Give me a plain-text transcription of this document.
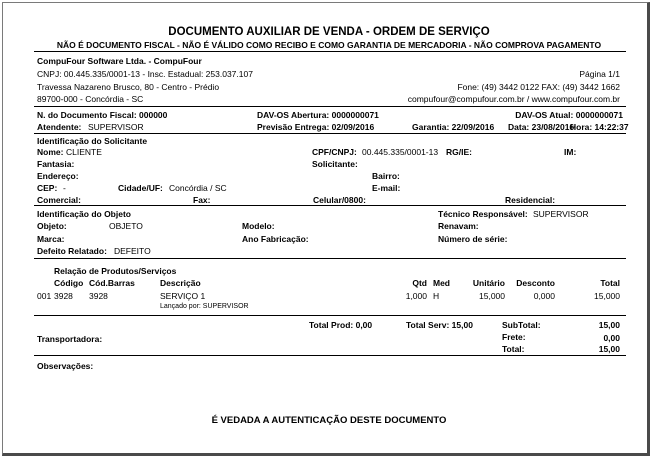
DOCUMENTO AUXILIAR DE VENDA - ORDEM DE SERVIÇO
NÃO É DOCUMENTO FISCAL - NÃO É VÁLIDO COMO RECIBO E COMO GARANTIA DE MERCADORIA - NÃO COMPROVA PAGAMENTO
CompuFour Software Ltda. - CompuFour
CNPJ: 00.445.335/0001-13 - Insc. Estadual: 253.037.107	Página 1/1
Travessa Nazareno Brusco, 80 - Centro - Prédio	Fone: (49) 3442 0122 FAX: (49) 3442 1662
89700-000 - Concórdia - SC	compufour@compufour.com.br / www.compufour.com.br
N. do Documento Fiscal: 000000	DAV-OS Abertura: 0000000071	DAV-OS Atual: 0000000071
Atendente: SUPERVISOR	Previsão Entrega: 02/09/2016	Garantia: 22/09/2016 Data: 23/08/2016
Hora: 14:22:37
Identificação do Solicitante
Nome: CLIENTE	CPF/CNPJ: 00.445.335/0001-13 RG/IE:	IM:
Fantasia:	Solicitante:
Endereço:	Bairro:
CEP: -	Cidade/UF: Concórdia / SC	E-mail:
Comercial:	Fax:	Celular/0800:	Residencial:
Identificação do Objeto	Técnico Responsável: SUPERVISOR
Objeto:	OBJETO	Modelo:	Renavam:
Marca:	Ano Fabricação:	Número de série:
Defeito Relatado: DEFEITO
Relação de Produtos/Serviços
Código Cód.Barras	Descrição	Qtd Med	Unitário	Desconto	Total
001 3928 3928	SERVIÇO 1	1,000 H	15,000	0,000	15,000
Lançado por: SUPERVISOR
Total Prod: 0,00	Total Serv: 15,00	SubTotal:	15,00
Transportadora:	Frete:	0,00
Total:	15,00
Observações:
É VEDADA A AUTENTICAÇÃO DESTE DOCUMENTO
